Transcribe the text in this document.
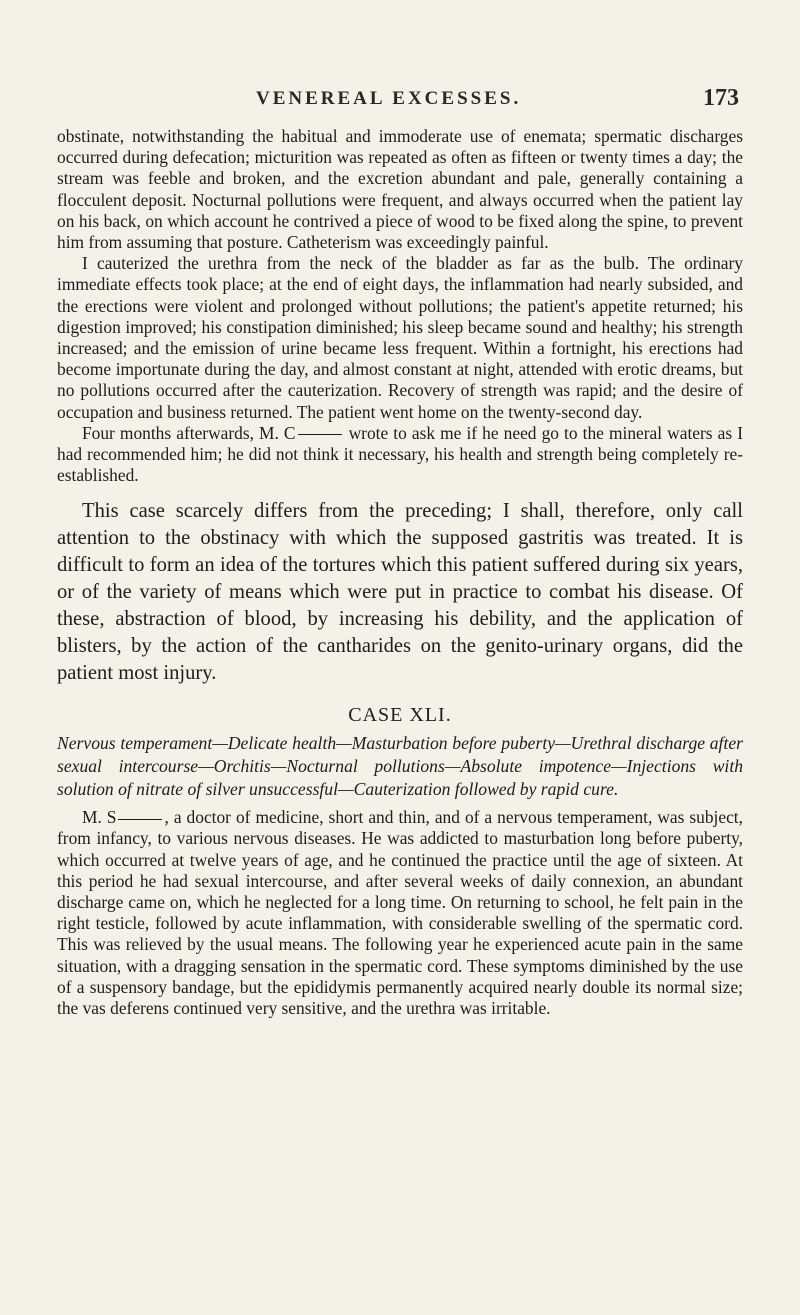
VENEREAL EXCESSES.	173

obstinate, notwithstanding the habitual and immoderate use of enemata; spermatic discharges occurred during defecation; micturition was repeated as often as fifteen or twenty times a day; the stream was feeble and broken, and the excretion abundant and pale, generally containing a flocculent deposit. Nocturnal pollutions were frequent, and always occurred when the patient lay on his back, on which account he contrived a piece of wood to be fixed along the spine, to prevent him from assuming that posture. Catheterism was exceedingly painful.

I cauterized the urethra from the neck of the bladder as far as the bulb. The ordinary immediate effects took place; at the end of eight days, the inflammation had nearly subsided, and the erections were violent and prolonged without pollutions; the patient's appetite returned; his digestion improved; his constipation diminished; his sleep became sound and healthy; his strength increased; and the emission of urine became less frequent. Within a fortnight, his erections had become importunate during the day, and almost constant at night, attended with erotic dreams, but no pollutions occurred after the cauterization. Recovery of strength was rapid; and the desire of occupation and business returned. The patient went home on the twenty-second day.

Four months afterwards, M. C	wrote to ask me if he need go to the mineral waters as I had recommended him; he did not think it necessary, his health and strength being completely re-established.

This case scarcely differs from the preceding; I shall, therefore, only call attention to the obstinacy with which the supposed gastritis was treated. It is difficult to form an idea of the tortures which this patient suffered during six years, or of the variety of means which were put in practice to combat his disease. Of these, abstraction of blood, by increasing his debility, and the application of blisters, by the action of the cantharides on the genito-urinary organs, did the patient most injury.

CASE XLI.

Nervous temperament—Delicate health—Masturbation before puberty—Urethral discharge after sexual intercourse—Orchitis—Nocturnal pollutions—Absolute impotence—Injections with solution of nitrate of silver unsuccessful—Cauterization followed by rapid cure.

M. S	, a doctor of medicine, short and thin, and of a nervous temperament, was subject, from infancy, to various nervous diseases. He was addicted to masturbation long before puberty, which occurred at twelve years of age, and he continued the practice until the age of sixteen. At this period he had sexual intercourse, and after several weeks of daily connexion, an abundant discharge came on, which he neglected for a long time. On returning to school, he felt pain in the right testicle, followed by acute inflammation, with considerable swelling of the spermatic cord. This was relieved by the usual means. The following year he experienced acute pain in the same situation, with a dragging sensation in the spermatic cord. These symptoms diminished by the use of a suspensory bandage, but the epididymis permanently acquired nearly double its normal size; the vas deferens continued very sensitive, and the urethra was irritable.
